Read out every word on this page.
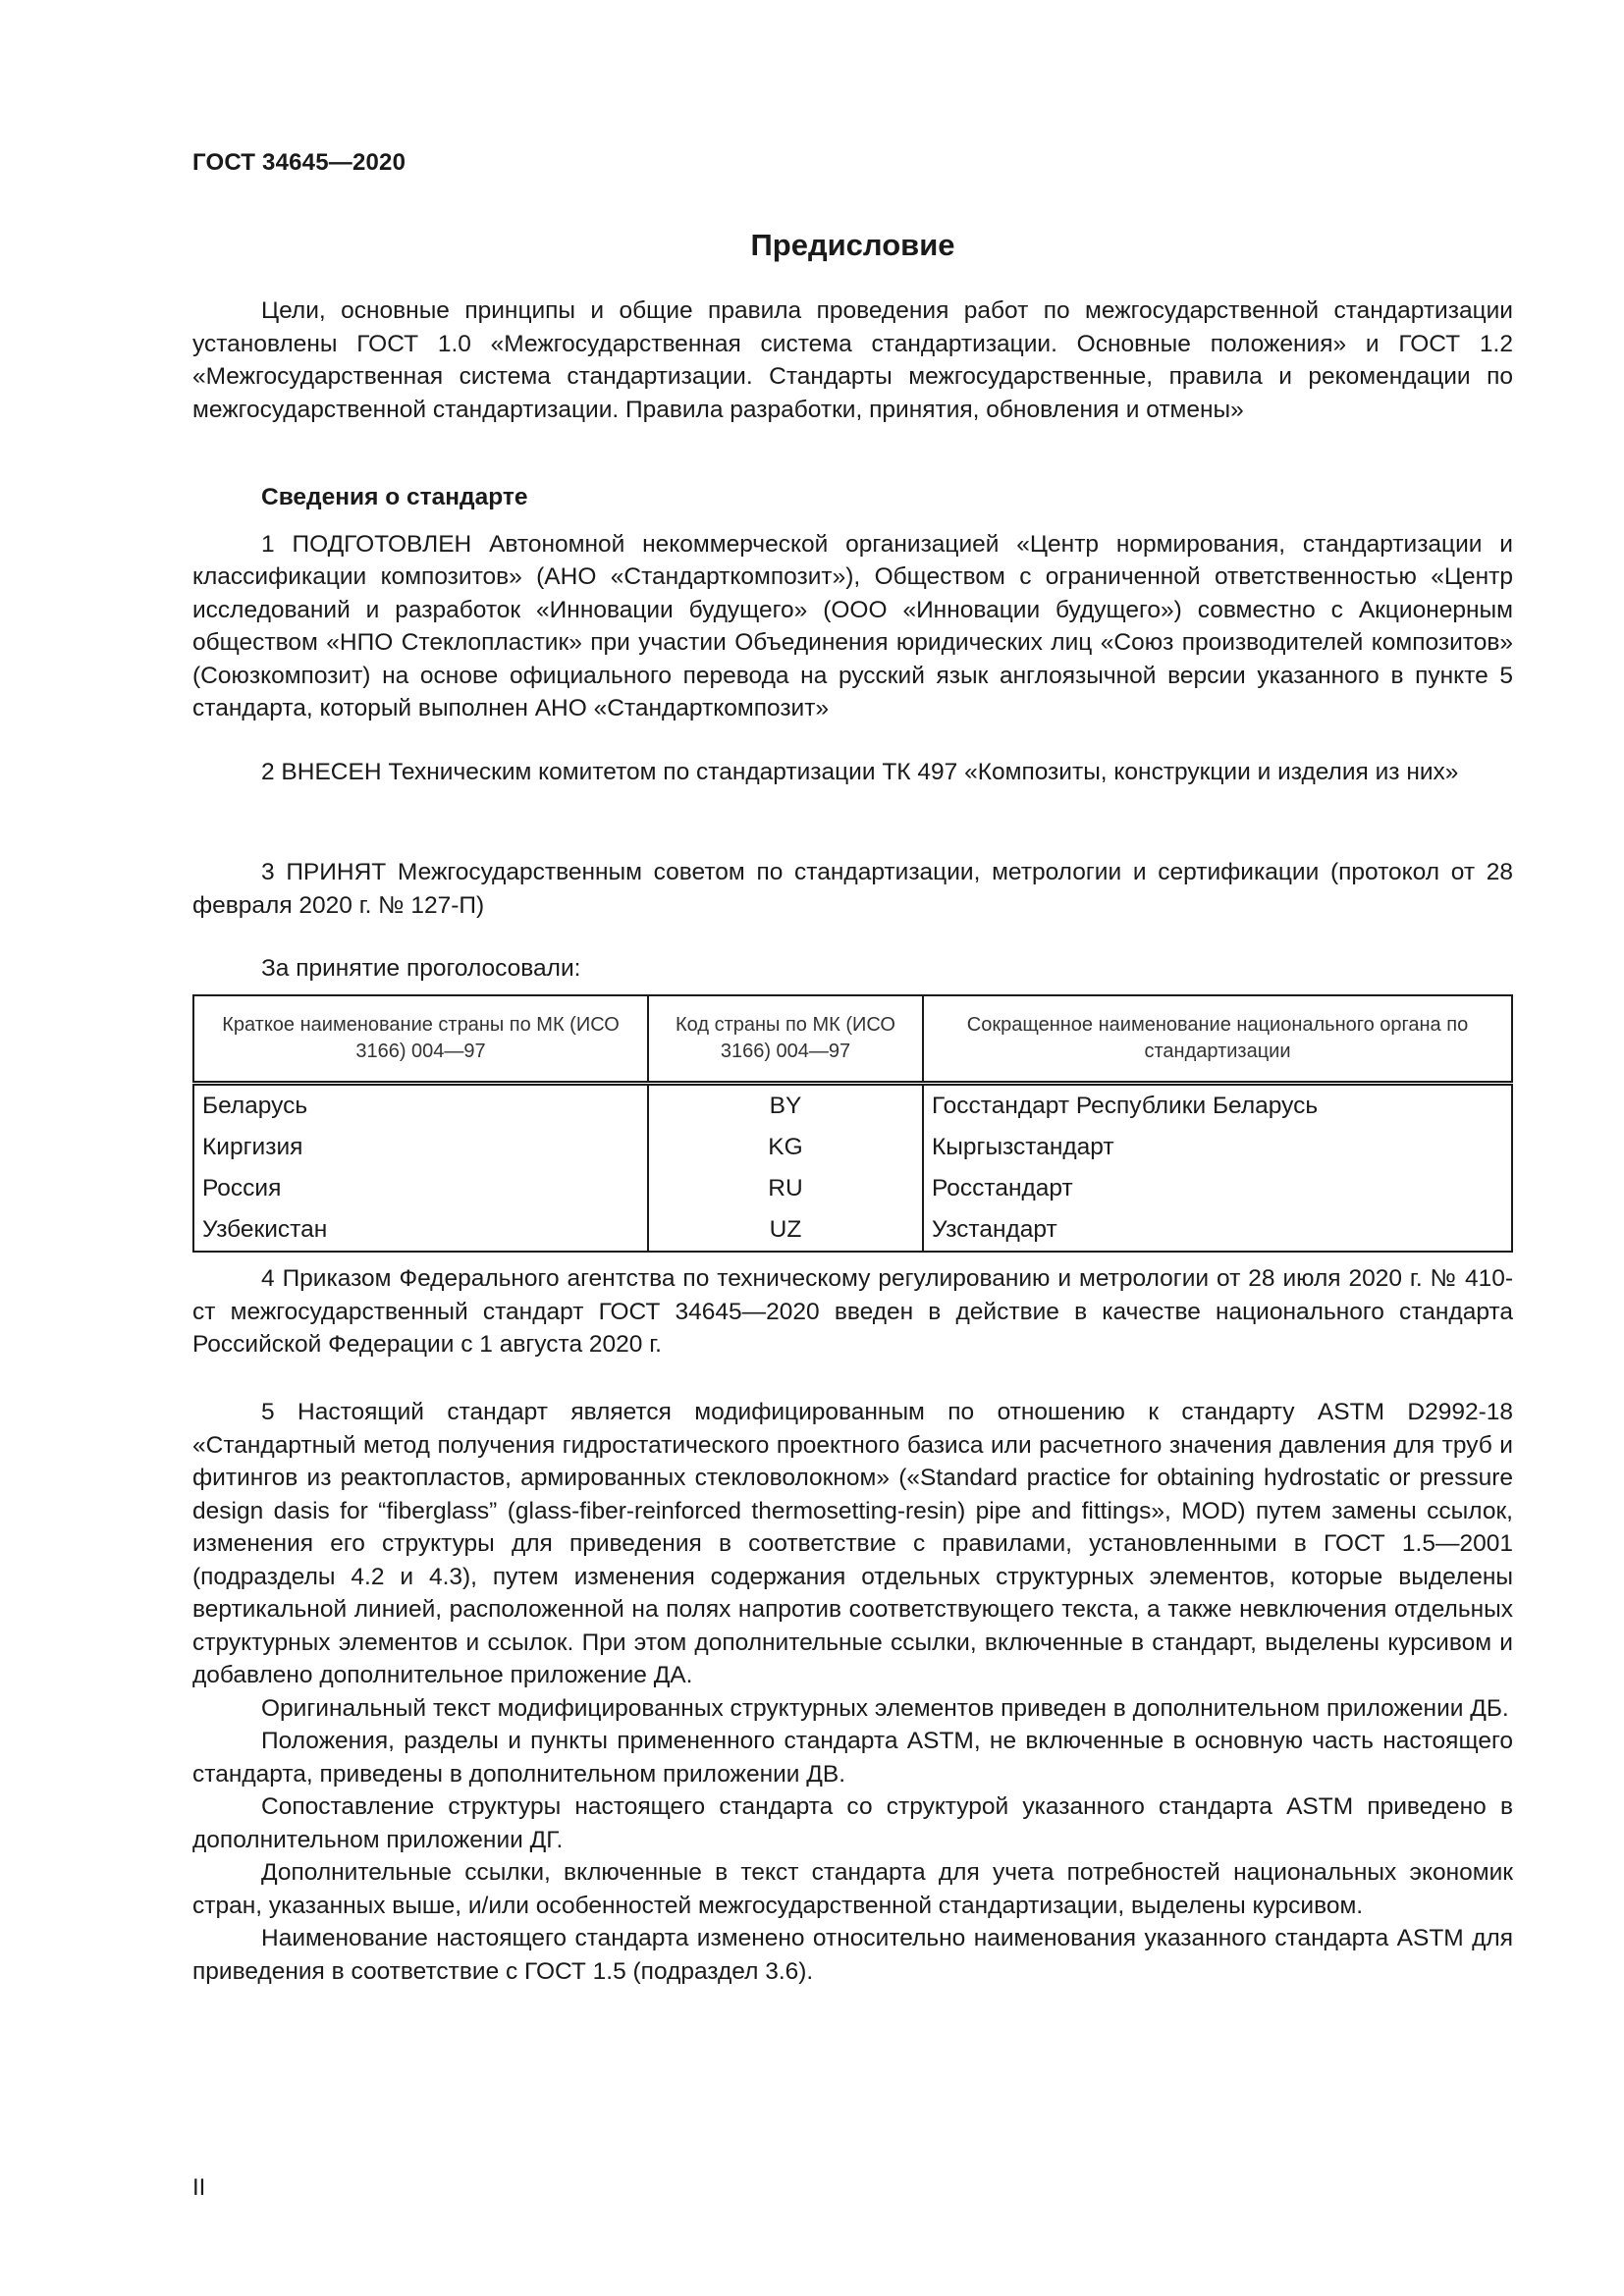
ГОСТ 34645—2020
Предисловие

Цели, основные принципы и общие правила проведения работ по межгосударственной стандартизации установлены ГОСТ 1.0 «Межгосударственная система стандартизации. Основные положения» и ГОСТ 1.2 «Межгосударственная система стандартизации. Стандарты межгосударственные, правила и рекомендации по межгосударственной стандартизации. Правила разработки, принятия, обновления и отмены»

Сведения о стандарте

1 ПОДГОТОВЛЕН Автономной некоммерческой организацией «Центр нормирования, стандартизации и классификации композитов» (АНО «Стандарткомпозит»), Обществом с ограниченной ответственностью «Центр исследований и разработок «Инновации будущего» (ООО «Инновации будущего») совместно с Акционерным обществом «НПО Стеклопластик» при участии Объединения юридических лиц «Союз производителей композитов» (Союзкомпозит) на основе официального перевода на русский язык англоязычной версии указанного в пункте 5 стандарта, который выполнен АНО «Стандарткомпозит»

2 ВНЕСЕН Техническим комитетом по стандартизации ТК 497 «Композиты, конструкции и изделия из них»

3 ПРИНЯТ Межгосударственным советом по стандартизации, метрологии и сертификации (протокол от 28 февраля 2020 г. № 127-П)

За принятие проголосовали:

Краткое наименование страны по МК (ИСО 3166) 004—97	Код страны по МК (ИСО 3166) 004—97	Сокращенное наименование национального органа по стандартизации
Беларусь	BY	Госстандарт Республики Беларусь
Киргизия	KG	Кыргызстандарт
Россия	RU	Росстандарт
Узбекистан	UZ	Узстандарт

4 Приказом Федерального агентства по техническому регулированию и метрологии от 28 июля 2020 г. № 410-ст межгосударственный стандарт ГОСТ 34645—2020 введен в действие в качестве национального стандарта Российской Федерации с 1 августа 2020 г.

5 Настоящий стандарт является модифицированным по отношению к стандарту ASTM D2992-18 «Стандартный метод получения гидростатического проектного базиса или расчетного значения давления для труб и фитингов из реактопластов, армированных стекловолокном» («Standard practice for obtaining hydrostatic or pressure design dasis for “fiberglass” (glass-fiber-reinforced thermosetting-resin) pipe and fittings», MOD) путем замены ссылок, изменения его структуры для приведения в соответствие с правилами, установленными в ГОСТ 1.5—2001 (подразделы 4.2 и 4.3), путем изменения содержания отдельных структурных элементов, которые выделены вертикальной линией, расположенной на полях напротив соответствующего текста, а также невключения отдельных структурных элементов и ссылок. При этом дополнительные ссылки, включенные в стандарт, выделены курсивом и добавлено дополнительное приложение ДА.

Оригинальный текст модифицированных структурных элементов приведен в дополнительном приложении ДБ.

Положения, разделы и пункты примененного стандарта ASTM, не включенные в основную часть настоящего стандарта, приведены в дополнительном приложении ДВ.

Сопоставление структуры настоящего стандарта со структурой указанного стандарта ASTM приведено в дополнительном приложении ДГ.

Дополнительные ссылки, включенные в текст стандарта для учета потребностей национальных экономик стран, указанных выше, и/или особенностей межгосударственной стандартизации, выделены курсивом.

Наименование настоящего стандарта изменено относительно наименования указанного стандарта ASTM для приведения в соответствие с ГОСТ 1.5 (подраздел 3.6).

II
